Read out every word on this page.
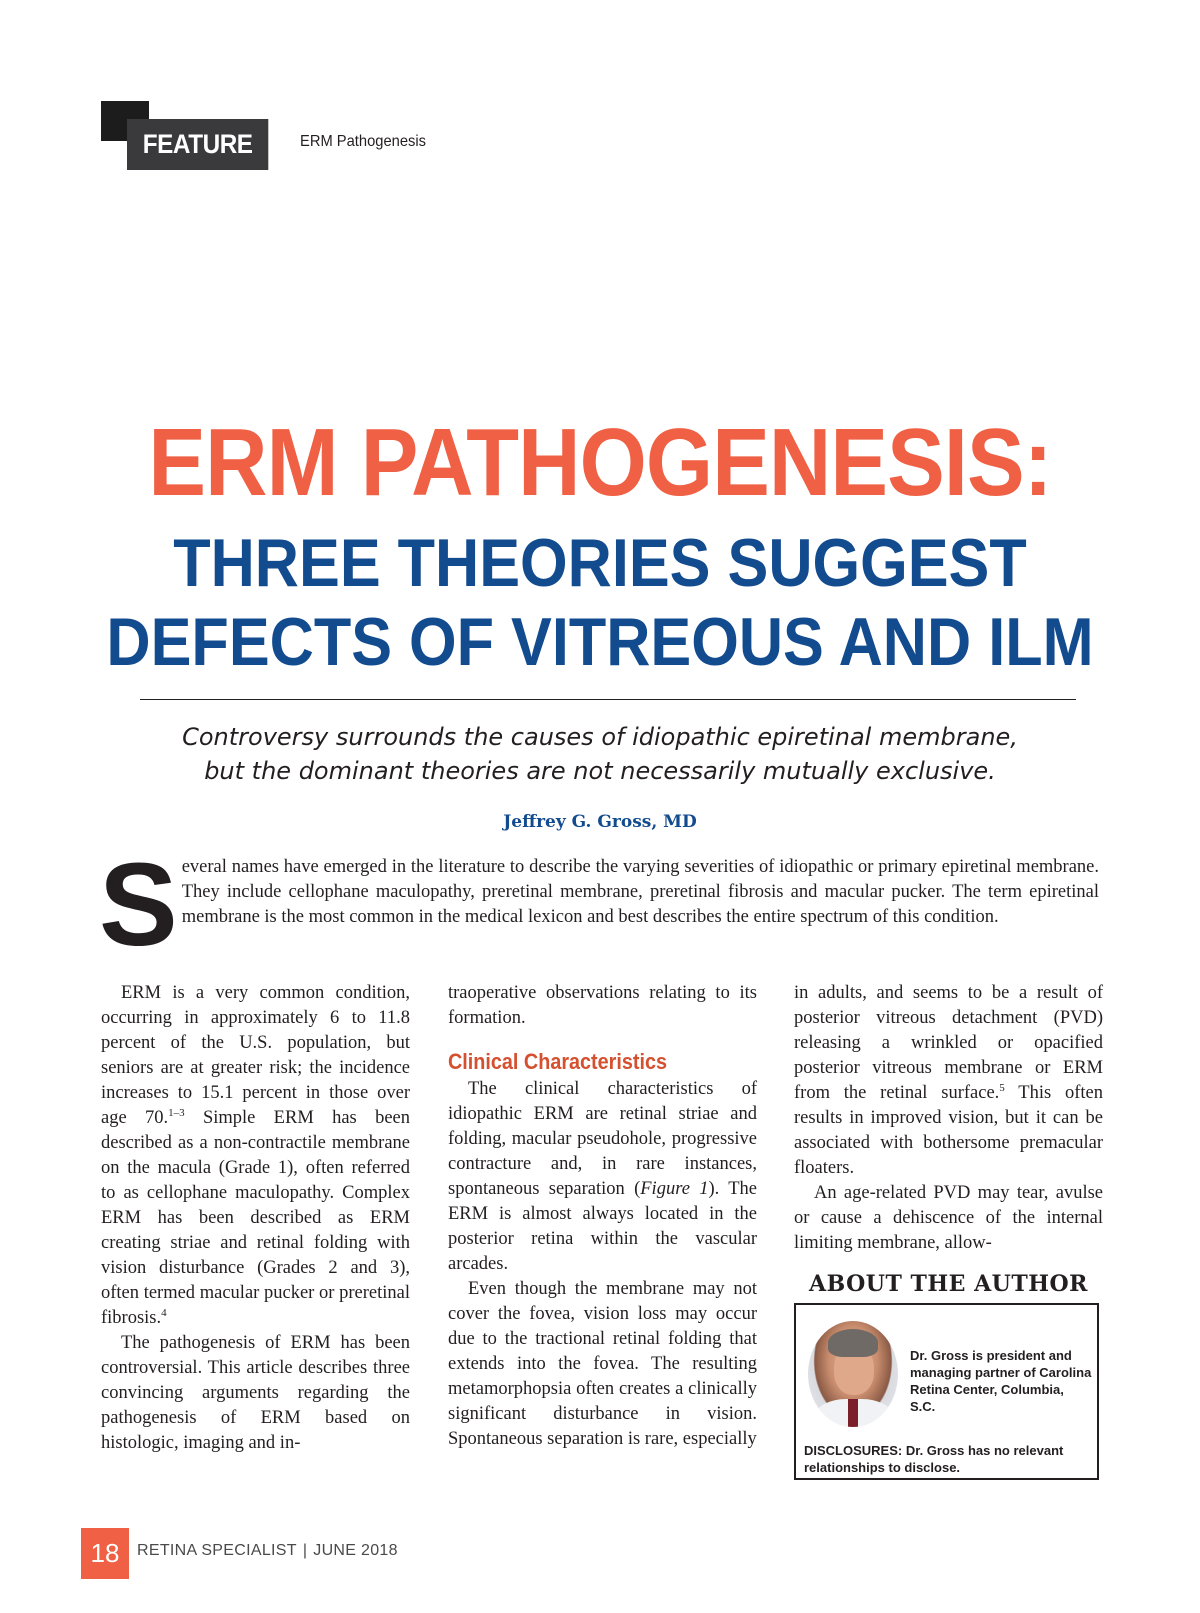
FEATURE	ERM Pathogenesis
ERM PATHOGENESIS:
THREE THEORIES SUGGEST
DEFECTS OF VITREOUS AND ILM

Controversy surrounds the causes of idiopathic epiretinal membrane,

but the dominant theories are not necessarily mutually exclusive.

Jeffrey G. Gross, MD

S everal names have emerged in the literature to describe the varying severities of idiopathic or primary epiretinal membrane. They include cellophane maculopathy, preretinal membrane, preretinal fibrosis and macular pucker. The term epiretinal membrane is the most common in the medical lexicon and best describes the entire spectrum of this condition.

ERM is a very common condition, occurring in approximately 6 to 11.8 percent of the U.S. population, but seniors are at greater risk; the incidence increases to 15.1 percent in those over age 70.$^{1-3}$ Simple ERM has been described as a non-contractile membrane on the macula (Grade 1), often referred to as cellophane maculopathy. Complex ERM has been described as ERM creating striae and retinal folding with vision disturbance (Grades 2 and 3), often termed macular pucker or preretinal fibrosis.$^4$

The pathogenesis of ERM has been controversial. This article describes three convincing arguments regarding the pathogenesis of ERM based on histologic, imaging and in-

traoperative observations relating to its formation.

Clinical Characteristics

The clinical characteristics of idiopathic ERM are retinal striae and folding, macular pseudohole, progressive contracture and, in rare instances, spontaneous separation (Figure 1). The ERM is almost always located in the posterior retina within the vascular arcades.

Even though the membrane may not cover the fovea, vision loss may occur due to the tractional retinal folding that extends into the fovea. The resulting metamorphopsia often creates a clinically significant disturbance in vision. Spontaneous separation is rare, especially

in adults, and seems to be a result of posterior vitreous detachment (PVD) releasing a wrinkled or opacified posterior vitreous membrane or ERM from the retinal surface.$^5$ This often results in improved vision, but it can be associated with bothersome premacular floaters.

An age-related PVD may tear, avulse or cause a dehiscence of the internal limiting membrane, allow-

ABOUT THE AUTHOR
Dr. Gross is president and managing partner of Carolina Retina Center, Columbia, S.C.
DISCLOSURES: Dr. Gross has no relevant relationships to disclose.
18	RETINA SPECIALIST | JUNE 2018
